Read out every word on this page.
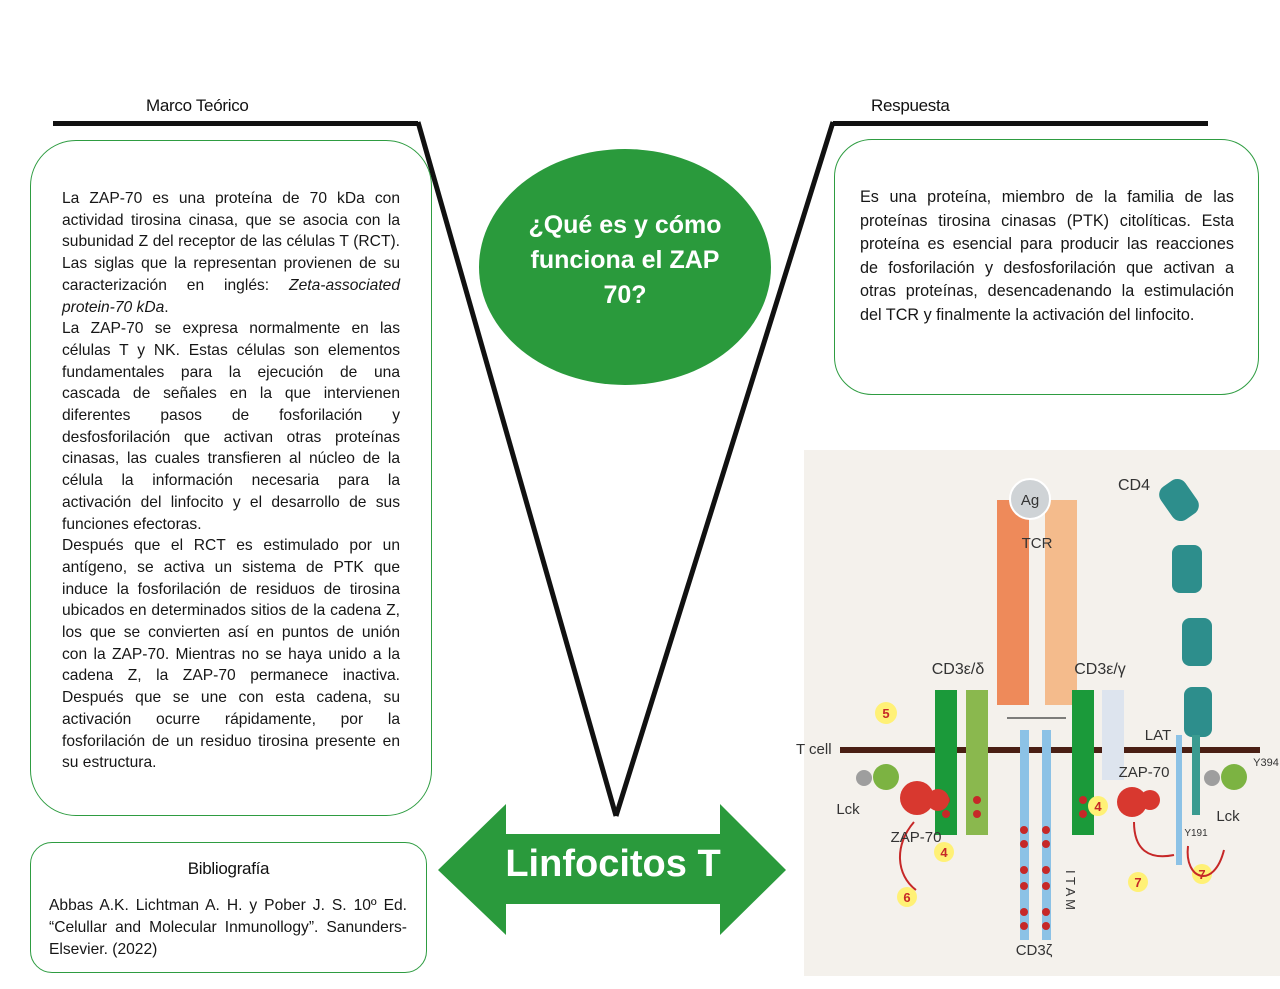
Marco Teórico	Respuesta

La ZAP-70 es una proteína de 70 kDa con actividad tirosina cinasa, que se asocia con la subunidad Z del receptor de las células T (RCT). Las siglas que la representan provienen de su caracterización en inglés: Zeta-associated protein-70 kDa.

La ZAP-70 se expresa normalmente en las células T y NK. Estas células son elementos fundamentales para la ejecución de una cascada de señales en la que intervienen diferentes pasos de fosforilación y desfosforilación que activan otras proteínas cinasas, las cuales transfieren al núcleo de la célula la información necesaria para la activación del linfocito y el desarrollo de sus funciones efectoras.

Después que el RCT es estimulado por un antígeno, se activa un sistema de PTK que induce la fosforilación de residuos de tirosina ubicados en determinados sitios de la cadena Z, los que se convierten así en puntos de unión con la ZAP-70. Mientras no se haya unido a la cadena Z, la ZAP-70 permanece inactiva. Después que se une con esta cadena, su activación ocurre rápidamente, por la fosforilación de un residuo tirosina presente en su estructura.

¿Qué es y cómo funciona el ZAP 70?
Es una proteína, miembro de la familia de las proteínas tirosina cinasas (PTK) citolíticas. Esta proteína es esencial para producir las reacciones de fosforilación y desfosforilación que activan a otras proteínas, desencadenando la estimulación del TCR y finalmente la activación del linfocito.
Bibliografía
Abbas A.K. Lichtman A. H. y Pober J. S. 10º Ed. “Celullar and Molecular Inmunollogy”. Sanunders-Elsevier. (2022)
Linfocitos T
Ag
TCR
CD4
CD3ε/δ	CD3ε/γ
T cell
LAT
Lck	Lck
ZAP-70
ZAP-70
I T A M
CD3ζ
Y394
Y191
5
4
4
6
7
7
